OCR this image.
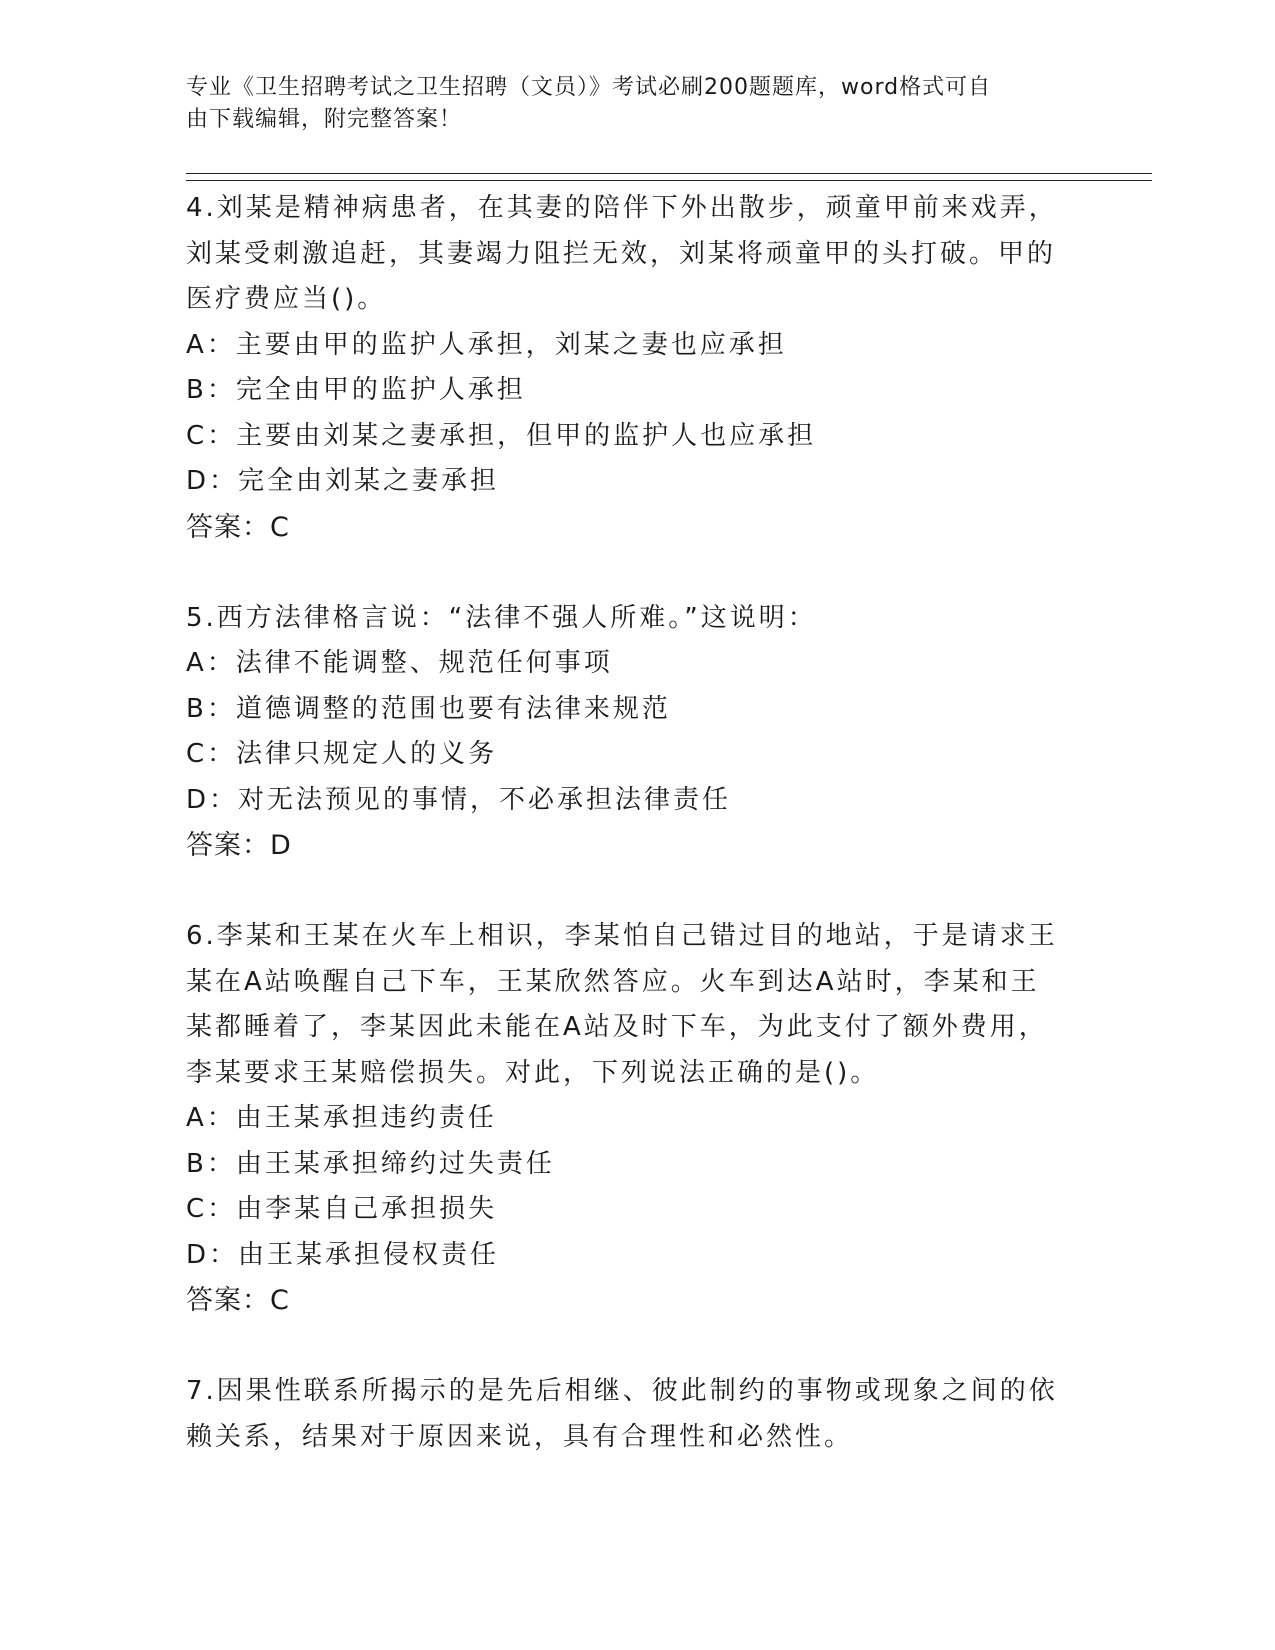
专业《卫生招聘考试之卫生招聘（文员）》考试必刷200题题库，word格式可自
由下载编辑，附完整答案！
4.刘某是精神病患者，在其妻的陪伴下外出散步，顽童甲前来戏弄，
刘某受刺激追赶，其妻竭力阻拦无效，刘某将顽童甲的头打破。甲的
医疗费应当()。
A：主要由甲的监护人承担，刘某之妻也应承担
B：完全由甲的监护人承担
C：主要由刘某之妻承担，但甲的监护人也应承担
D：完全由刘某之妻承担
答案：C
5.西方法律格言说：“法律不强人所难。”这说明：
A：法律不能调整、规范任何事项
B：道德调整的范围也要有法律来规范
C：法律只规定人的义务
D：对无法预见的事情，不必承担法律责任
答案：D
6.李某和王某在火车上相识，李某怕自己错过目的地站，于是请求王
某在A站唤醒自己下车，王某欣然答应。火车到达A站时，李某和王
某都睡着了，李某因此未能在A站及时下车，为此支付了额外费用，
李某要求王某赔偿损失。对此，下列说法正确的是()。
A：由王某承担违约责任
B：由王某承担缔约过失责任
C：由李某自己承担损失
D：由王某承担侵权责任
答案：C
7.因果性联系所揭示的是先后相继、彼此制约的事物或现象之间的依
赖关系，结果对于原因来说，具有合理性和必然性。
